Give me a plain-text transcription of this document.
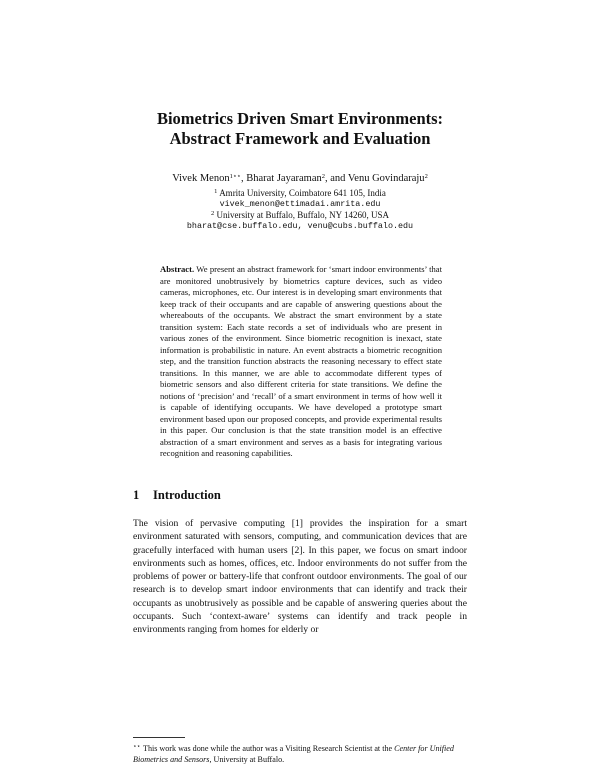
Biometrics Driven Smart Environments:
Abstract Framework and Evaluation
Vivek Menon$^{1⋆⋆}$, Bharat Jayaraman$^2$, and Venu Govindaraju$^2$
$^1$ Amrita University, Coimbatore 641 105, India
vivek_menon@ettimadai.amrita.edu
$^2$ University at Buffalo, Buffalo, NY 14260, USA
bharat@cse.buffalo.edu, venu@cubs.buffalo.edu
Abstract. We present an abstract framework for ‘smart indoor environments’ that are monitored unobtrusively by biometrics capture devices, such as video cameras, microphones, etc. Our interest is in developing smart environments that keep track of their occupants and are capable of answering questions about the whereabouts of the occupants. We abstract the smart environment by a state transition system: Each state records a set of individuals who are present in various zones of the environment. Since biometric recognition is inexact, state information is probabilistic in nature. An event abstracts a biometric recognition step, and the transition function abstracts the reasoning necessary to effect state transitions. In this manner, we are able to accommodate different types of biometric sensors and also different criteria for state transitions. We define the notions of ‘precision’ and ‘recall’ of a smart environment in terms of how well it is capable of identifying occupants. We have developed a prototype smart environment based upon our proposed concepts, and provide experimental results in this paper. Our conclusion is that the state transition model is an effective abstraction of a smart environment and serves as a basis for integrating various recognition and reasoning capabilities.
1 Introduction
The vision of pervasive computing [1] provides the inspiration for a smart environment saturated with sensors, computing, and communication devices that are gracefully interfaced with human users [2]. In this paper, we focus on smart indoor environments such as homes, offices, etc. Indoor environments do not suffer from the problems of power or battery-life that confront outdoor environments. The goal of our research is to develop smart indoor environments that can identify and track their occupants as unobtrusively as possible and be capable of answering queries about the occupants. Such ‘context-aware’ systems can identify and track people in environments ranging from homes for elderly or
⋆⋆ This work was done while the author was a Visiting Research Scientist at the Center for Unified Biometrics and Sensors, University at Buffalo.
